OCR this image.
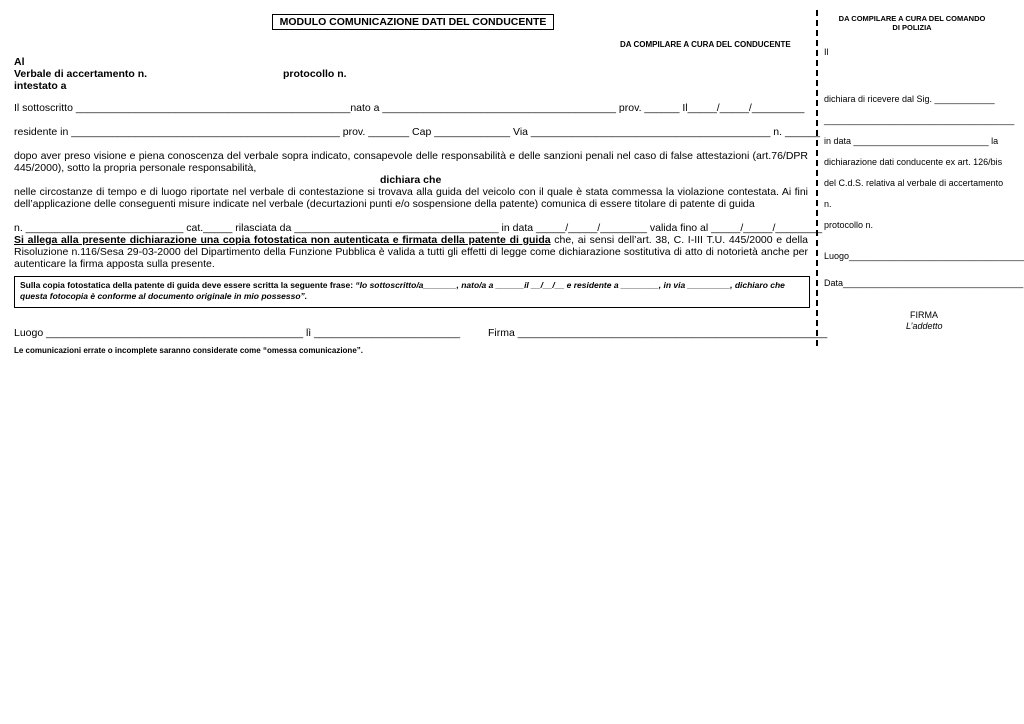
MODULO COMUNICAZIONE DATI DEL CONDUCENTE
DA COMPILARE A CURA DEL CONDUCENTE
Al
Verbale di accertamento n.	protocollo n.
intestato a
Il sottoscritto _______________________________________________nato a ________________________________________ prov. ______ Il_____/_____/_________
residente in ______________________________________________ prov. _______ Cap _____________ Via _________________________________________ n. ______
dopo aver preso visione e piena conoscenza del verbale sopra indicato, consapevole delle responsabilità e delle sanzioni penali nel caso di false attestazioni (art.76/DPR 445/2000), sotto la propria personale responsabilità,
dichiara che
nelle circostanze di tempo e di luogo riportate nel verbale di contestazione si trovava alla guida del veicolo con il quale è stata commessa la violazione contestata. Ai fini dell’applicazione delle conseguenti misure indicate nel verbale (decurtazioni punti e/o sospensione della patente) comunica di essere titolare di patente di guida
n. ___________________________ cat._____ rilasciata da ___________________________________ in data _____/_____/________ valida fino al _____/_____/________
Si allega alla presente dichiarazione una copia fotostatica non autenticata e firmata della patente di guida che, ai sensi dell’art. 38, C. I-III T.U. 445/2000 e della Risoluzione n.116/Sesa 29-03-2000 del Dipartimento della Funzione Pubblica è valida a tutti gli effetti di legge come dichiarazione sostitutiva di atto di notorietà anche per autenticare la firma apposta sulla presente.
Sulla copia fotostatica della patente di guida deve essere scritta la seguente frase: “Io sottoscritto/a_______, nato/a a ______il __/__/__ e residente a ________, in via _________, dichiaro che questa fotocopia è conforme al documento originale in mio possesso”.
Luogo ____________________________________________ lì _________________________	Firma _____________________________________________________
Le comunicazioni errate o incomplete saranno considerate come “omessa comunicazione”.
DA COMPILARE A CURA DEL COMANDO
DI POLIZIA
Il
dichiara di ricevere dal Sig. ____________
______________________________________
in data ___________________________ la
dichiarazione dati conducente ex art. 126/bis
del C.d.S. relativa al verbale di accertamento
n.
protocollo n.
Luogo___________________________________
Data____________________________________
FIRMA
L’addetto
